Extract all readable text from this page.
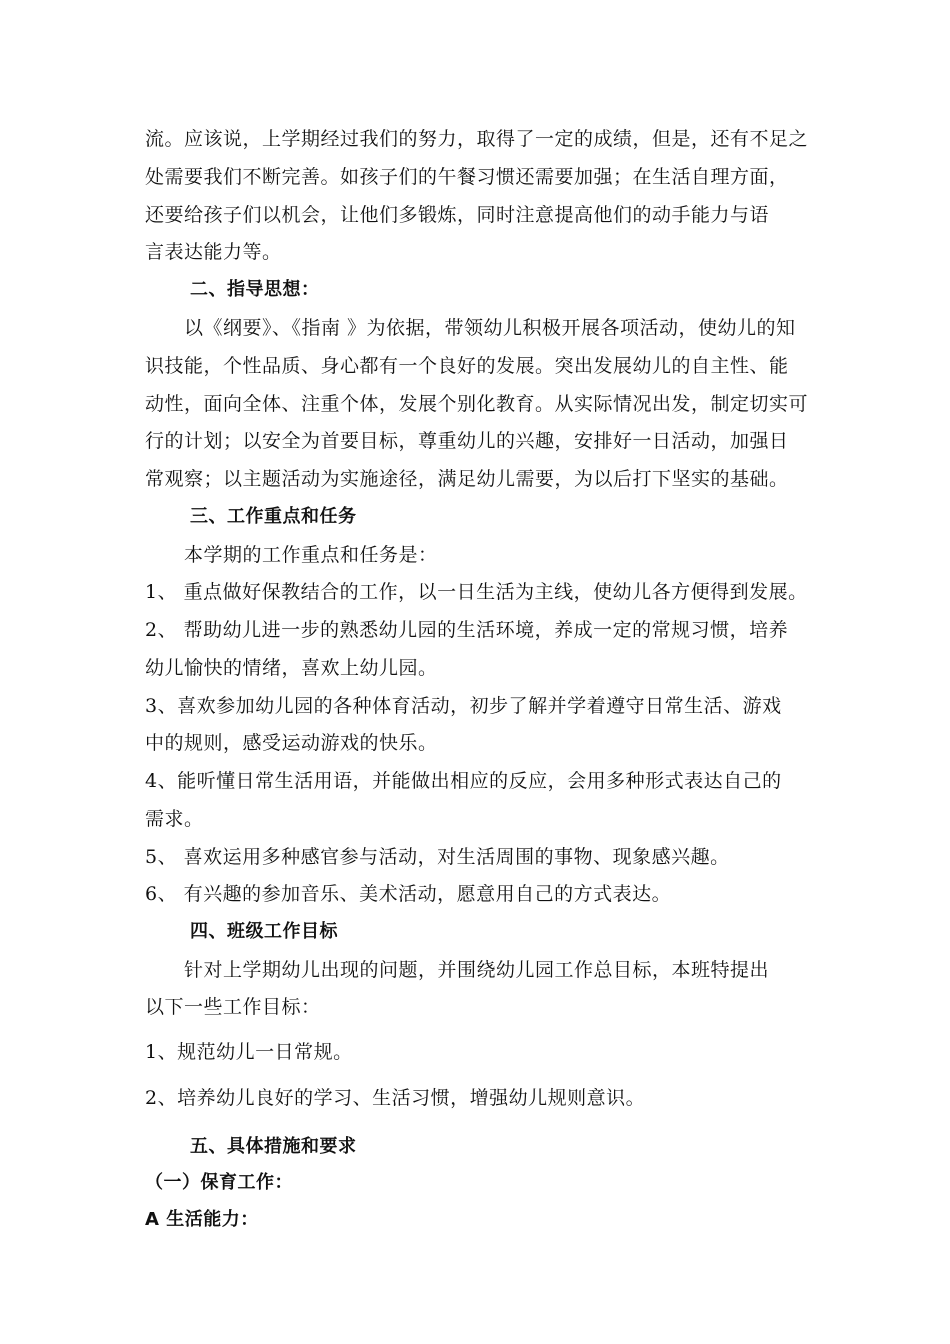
流。应该说，上学期经过我们的努力，取得了一定的成绩，但是，还有不足之
处需要我们不断完善。如孩子们的午餐习惯还需要加强；在生活自理方面，
还要给孩子们以机会，让他们多锻炼，同时注意提高他们的动手能力与语
言表达能力等。
二、指导思想：
以《纲要》、《指南 》为依据，带领幼儿积极开展各项活动，使幼儿的知
识技能，个性品质、身心都有一个良好的发展。突出发展幼儿的自主性、能
动性，面向全体、注重个体，发展个别化教育。从实际情况出发，制定切实可
行的计划；以安全为首要目标，尊重幼儿的兴趣，安排好一日活动，加强日
常观察；以主题活动为实施途径，满足幼儿需要，为以后打下坚实的基础。
三、工作重点和任务
本学期的工作重点和任务是：
1、 重点做好保教结合的工作，以一日生活为主线，使幼儿各方便得到发展。
2、 帮助幼儿进一步的熟悉幼儿园的生活环境，养成一定的常规习惯，培养
幼儿愉快的情绪，喜欢上幼儿园。
3、喜欢参加幼儿园的各种体育活动，初步了解并学着遵守日常生活、游戏
中的规则，感受运动游戏的快乐。
4、能听懂日常生活用语，并能做出相应的反应，会用多种形式表达自己的
需求。
5、 喜欢运用多种感官参与活动，对生活周围的事物、现象感兴趣。
6、 有兴趣的参加音乐、美术活动，愿意用自己的方式表达。
四、班级工作目标
针对上学期幼儿出现的问题，并围绕幼儿园工作总目标，本班特提出
以下一些工作目标：
1、规范幼儿一日常规。
2、培养幼儿良好的学习、生活习惯，增强幼儿规则意识。
五、具体措施和要求
（一）保育工作：
A 生活能力：
